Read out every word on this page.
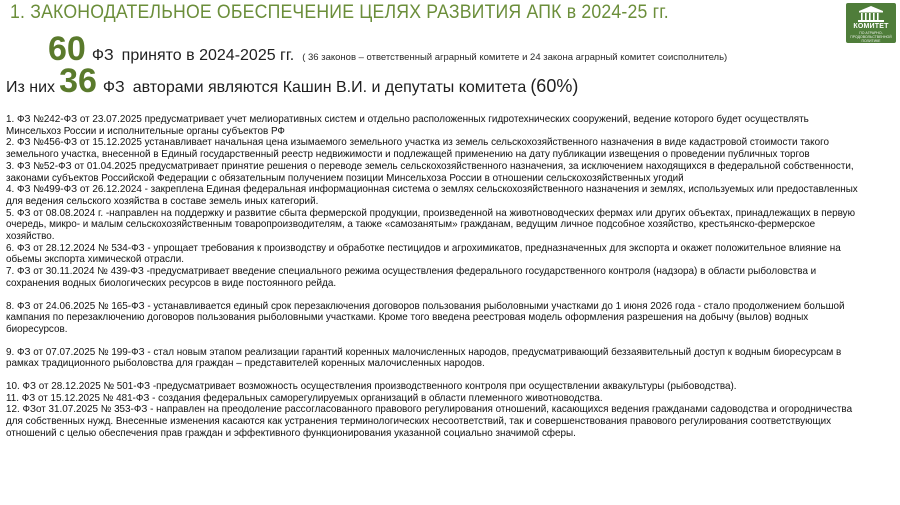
1. ЗАКОНОДАТЕЛЬНОЕ ОБЕСПЕЧЕНИЕ ЦЕЛЯХ РАЗВИТИЯ АПК в 2024-25 гг.
КОМИТЕТ
ПО АГРАРНО-ПРОДОВОЛЬСТВЕННОЙ ПОЛИТИКЕ
60 ФЗ принято в 2024-2025 гг. ( 36 законов – ответственный аграрный комитете и 24 закона аграрный комитет соисполнитель)
Из них 36 ФЗ авторами являются Кашин В.И. и депутаты комитета (60%)
1. ФЗ №242-ФЗ от 23.07.2025 предусматривает учет мелиоративных систем и отдельно расположенных гидротехнических сооружений, ведение которого будет осуществлять Минсельхоз России и исполнительные органы субъектов РФ
2. ФЗ №456-ФЗ от 15.12.2025 устанавливает начальная цена изымаемого земельного участка из земель сельскохозяйственного назначения в виде кадастровой стоимости такого земельного участка, внесенной в Единый государственный реестр недвижимости и подлежащей применению на дату публикации извещения о проведении публичных торгов
3. ФЗ №52-ФЗ от 01.04.2025 предусматривает принятие решения о переводе земель сельскохозяйственного назначения, за исключением находящихся в федеральной собственности, законами субъектов Российской Федерации с обязательным получением позиции Минсельхоза России в отношении сельскохозяйственных угодий
4. ФЗ №499-ФЗ от 26.12.2024 - закреплена Единая федеральная информационная система о землях сельскохозяйственного назначения и землях, используемых или предоставленных для ведения сельского хозяйства в составе земель иных категорий.
5. ФЗ от 08.08.2024 г. -направлен на поддержку и развитие сбыта фермерской продукции, произведенной на животноводческих фермах или других объектах, принадлежащих в первую очередь, микро- и малым сельскохозяйственным товаропроизводителям, а также «самозанятым» гражданам, ведущим личное подсобное хозяйство, крестьянско-фермерское хозяйство.
6. ФЗ от 28.12.2024 № 534-ФЗ - упрощает требования к производству и обработке пестицидов и агрохимикатов, предназначенных для экспорта и окажет положительное влияние на обьемы экспорта химической отрасли.
7. ФЗ от 30.11.2024 № 439-ФЗ -предусматривает введение специального режима осуществления федерального государственного контроля (надзора) в области рыболовства и сохранения водных биологических ресурсов в виде постоянного рейда.
8. ФЗ от 24.06.2025 № 165-ФЗ - устанавливается единый срок перезаключения договоров пользования рыболовными участками до 1 июня 2026 года - стало продолжением большой кампания по перезаключению договоров пользования рыболовными участками. Кроме того введена реестровая модель оформления разрешения на добычу (вылов) водных биоресурсов.
9. ФЗ от 07.07.2025 № 199-ФЗ - стал новым этапом реализации гарантий коренных малочисленных народов, предусматривающий беззаявительный доступ к водным биоресурсам в рамках традиционного рыболовства для граждан – представителей коренных малочисленных народов.
10. ФЗ от 28.12.2025 № 501-ФЗ -предусматривает возможность осуществления производственного контроля при осуществлении аквакультуры (рыбоводства).
11. ФЗ от 15.12.2025 № 481-ФЗ - создания федеральных саморегулируемых организаций в области племенного животноводства.
12. ФЗот 31.07.2025 № 353-ФЗ - направлен на преодоление рассогласованного правового регулирования отношений, касающихся ведения гражданами садоводства и огородничества для собственных нужд. Внесенные изменения касаются как устранения терминологических несоответствий, так и совершенствования правового регулирования соответствующих отношений с целью обеспечения прав граждан и эффективного функционирования указанной социально значимой сферы.
